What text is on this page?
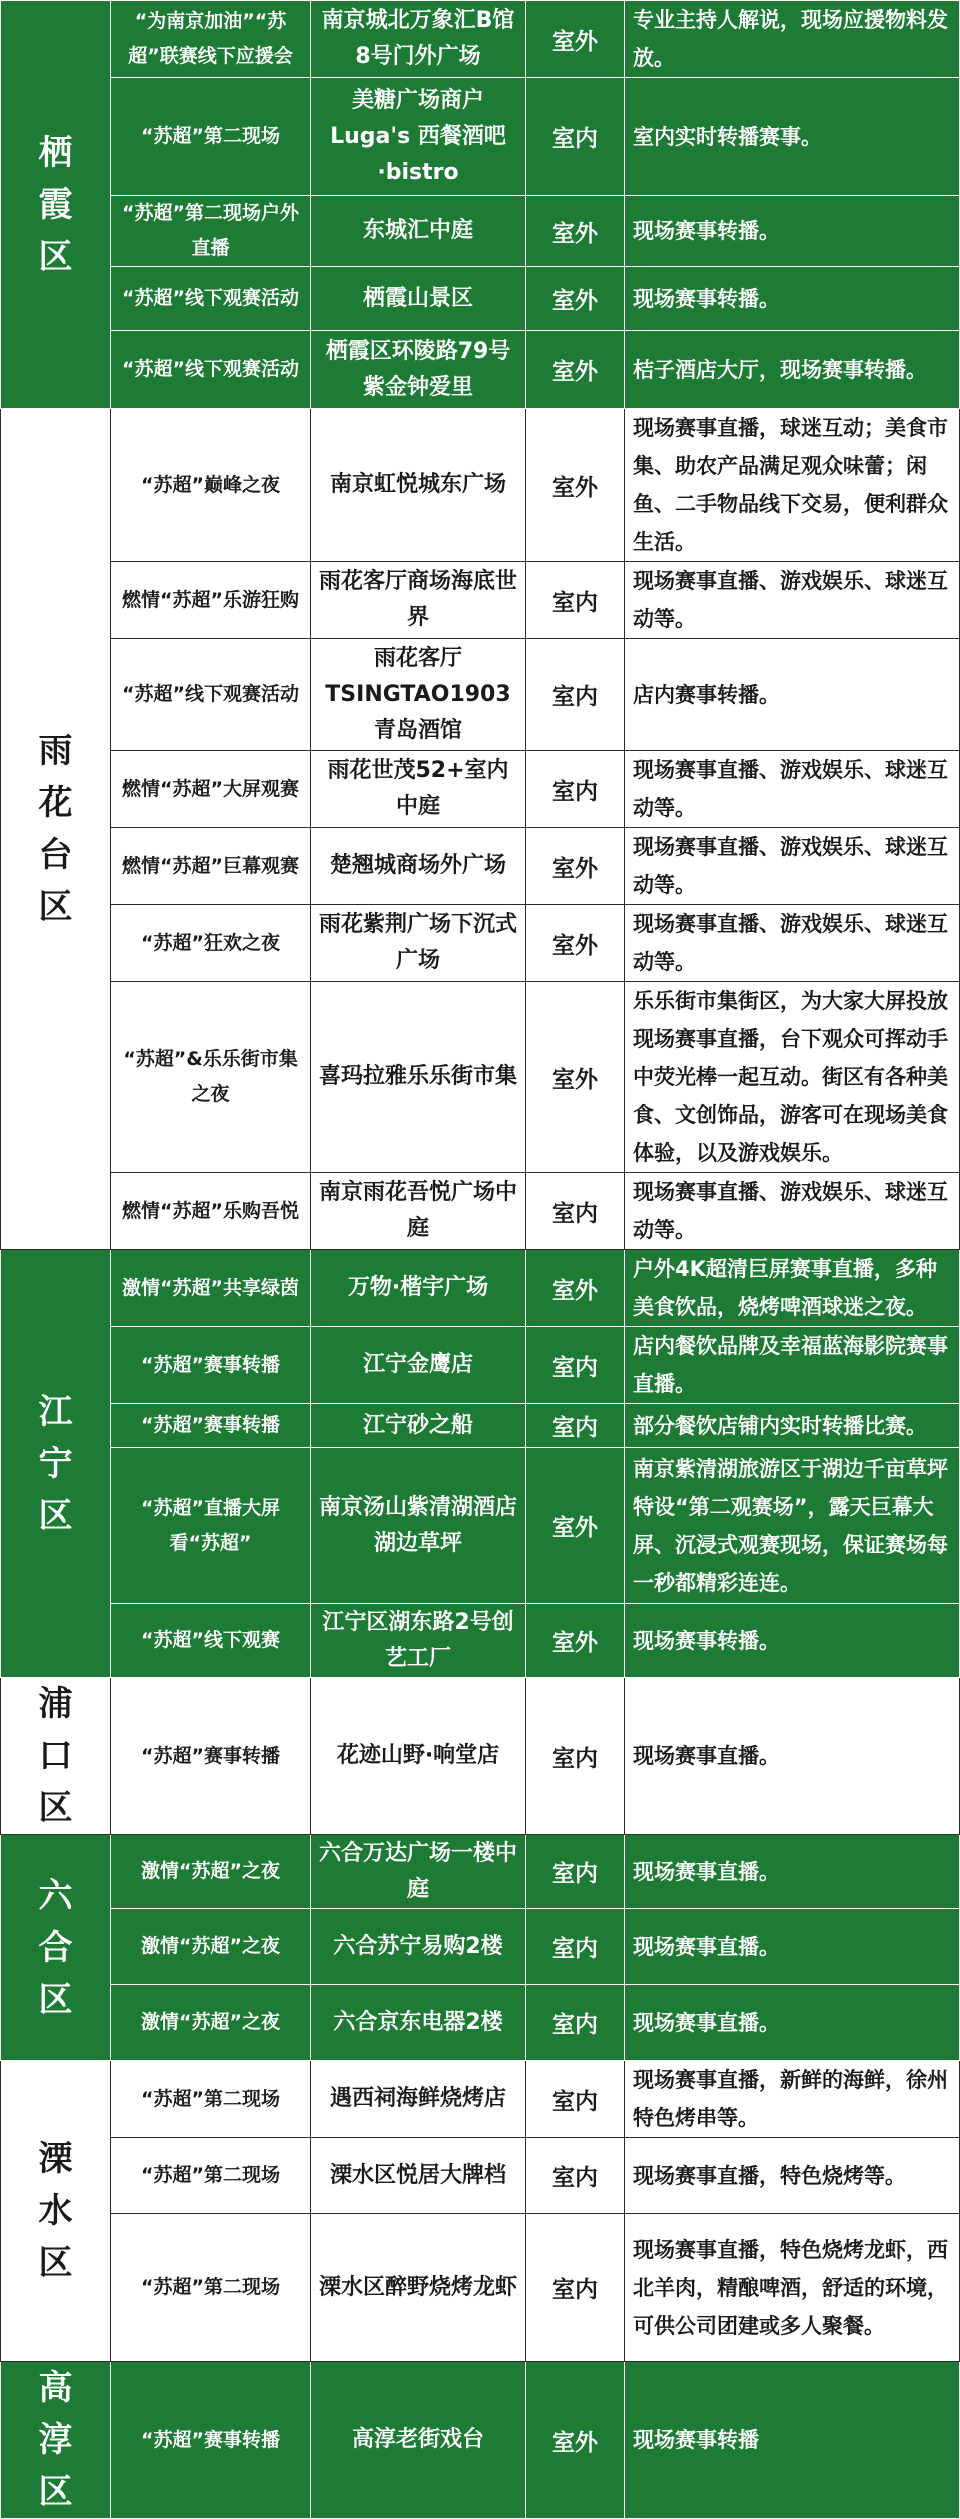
栖霞区	“为南京加油”“苏超”联赛线下应援会	南京城北万象汇B馆8号门外广场	室外	专业主持人解说，现场应援物料发放。
	“苏超”第二现场	美糖广场商户Luga's 西餐酒吧·bistro	室内	室内实时转播赛事。
	“苏超”第二现场户外直播	东城汇中庭	室外	现场赛事转播。
	“苏超”线下观赛活动	栖霞山景区	室外	现场赛事转播。
	“苏超”线下观赛活动	栖霞区环陵路79号紫金钟爱里	室外	桔子酒店大厅，现场赛事转播。
雨花台区	“苏超”巅峰之夜	南京虹悦城东广场	室外	现场赛事直播，球迷互动；美食市集、助农产品满足观众味蕾；闲鱼、二手物品线下交易，便利群众生活。
	燃情“苏超”乐游狂购	雨花客厅商场海底世界	室内	现场赛事直播、游戏娱乐、球迷互动等。
	“苏超”线下观赛活动	雨花客厅TSINGTAO1903青岛酒馆	室内	店内赛事转播。
	燃情“苏超”大屏观赛	雨花世茂52+室内中庭	室内	现场赛事直播、游戏娱乐、球迷互动等。
	燃情“苏超”巨幕观赛	楚翘城商场外广场	室外	现场赛事直播、游戏娱乐、球迷互动等。
	“苏超”狂欢之夜	雨花紫荆广场下沉式广场	室外	现场赛事直播、游戏娱乐、球迷互动等。
	“苏超”&乐乐街市集之夜	喜玛拉雅乐乐街市集	室外	乐乐街市集街区，为大家大屏投放现场赛事直播，台下观众可挥动手中荧光棒一起互动。街区有各种美食、文创饰品，游客可在现场美食体验，以及游戏娱乐。
	燃情“苏超”乐购吾悦	南京雨花吾悦广场中庭	室内	现场赛事直播、游戏娱乐、球迷互动等。
江宁区	激情“苏超”共享绿茵	万物·楷宇广场	室外	户外4K超清巨屏赛事直播，多种美食饮品，烧烤啤酒球迷之夜。
	“苏超”赛事转播	江宁金鹰店	室内	店内餐饮品牌及幸福蓝海影院赛事直播。
	“苏超”赛事转播	江宁砂之船	室内	部分餐饮店铺内实时转播比赛。
	“苏超”直播大屏看“苏超”	南京汤山紫清湖酒店湖边草坪	室外	南京紫清湖旅游区于湖边千亩草坪特设“第二观赛场”，露天巨幕大屏、沉浸式观赛现场，保证赛场每一秒都精彩连连。
	“苏超”线下观赛	江宁区湖东路2号创艺工厂	室外	现场赛事转播。
浦口区	“苏超”赛事转播	花迹山野·响堂店	室内	现场赛事直播。
六合区	激情“苏超”之夜	六合万达广场一楼中庭	室内	现场赛事直播。
	激情“苏超”之夜	六合苏宁易购2楼	室内	现场赛事直播。
	激情“苏超”之夜	六合京东电器2楼	室内	现场赛事直播。
溧水区	“苏超”第二现场	遇西祠海鲜烧烤店	室内	现场赛事直播，新鲜的海鲜，徐州特色烤串等。
	“苏超”第二现场	溧水区悦居大牌档	室内	现场赛事直播，特色烧烤等。
	“苏超”第二现场	溧水区醉野烧烤龙虾	室内	现场赛事直播，特色烧烤龙虾，西北羊肉，精酿啤酒，舒适的环境，
可供公司团建或多人聚餐。
高淳区	“苏超”赛事转播	高淳老街戏台	室外	现场赛事转播
